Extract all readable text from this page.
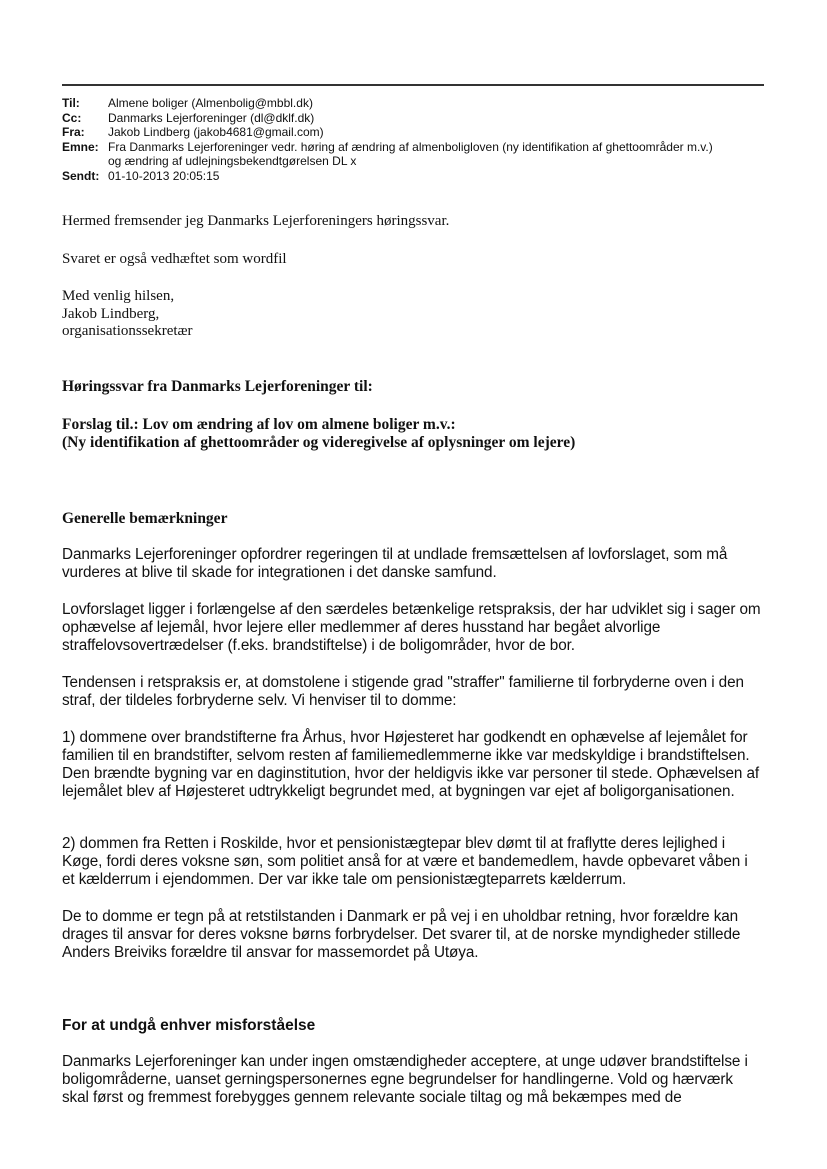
Til:	Almene boliger (Almenbolig@mbbl.dk)
Cc:	Danmarks Lejerforeninger (dl@dklf.dk)
Fra:	Jakob Lindberg (jakob4681@gmail.com)
Emne: Fra Danmarks Lejerforeninger vedr. høring af ændring af almenboligloven (ny identifikation af ghettoområder m.v.)
og ændring af udlejningsbekendtgørelsen DL x
Sendt: 01-10-2013 20:05:15

Hermed fremsender jeg Danmarks Lejerforeningers høringssvar.

Svaret er også vedhæftet som wordfil

Med venlig hilsen,
Jakob Lindberg,
organisationssekretær
Høringssvar fra Danmarks Lejerforeninger til:
Forslag til.: Lov om ændring af lov om almene boliger m.v.:
(Ny identifikation af ghettoområder og videregivelse af oplysninger om lejere)
Generelle bemærkninger

Danmarks Lejerforeninger opfordrer regeringen til at undlade fremsættelsen af lovforslaget, som må vurderes at blive til skade for integrationen i det danske samfund.

Lovforslaget ligger i forlængelse af den særdeles betænkelige retspraksis, der har udviklet sig i sager om ophævelse af lejemål, hvor lejere eller medlemmer af deres husstand har begået alvorlige straffelovsovertrædelser (f.eks. brandstiftelse) i de boligområder, hvor de bor.

Tendensen i retspraksis er, at domstolene i stigende grad "straffer" familierne til forbryderne oven i den straf, der tildeles forbryderne selv. Vi henviser til to domme:

1) dommene over brandstifterne fra Århus, hvor Højesteret har godkendt en ophævelse af lejemålet for familien til en brandstifter, selvom resten af familiemedlemmerne ikke var medskyldige i brandstiftelsen. Den brændte bygning var en daginstitution, hvor der heldigvis ikke var personer til stede. Ophævelsen af lejemålet blev af Højesteret udtrykkeligt begrundet med, at bygningen var ejet af boligorganisationen.

2) dommen fra Retten i Roskilde, hvor et pensionistægtepar blev dømt til at fraflytte deres lejlighed i Køge, fordi deres voksne søn, som politiet anså for at være et bandemedlem, havde opbevaret våben i et kælderrum i ejendommen. Der var ikke tale om pensionistægteparrets kælderrum.

De to domme er tegn på at retstilstanden i Danmark er på vej i en uholdbar retning, hvor forældre kan drages til ansvar for deres voksne børns forbrydelser. Det svarer til, at de norske myndigheder stillede Anders Breiviks forældre til ansvar for massemordet på Utøya.

For at undgå enhver misforståelse

Danmarks Lejerforeninger kan under ingen omstændigheder acceptere, at unge udøver brandstiftelse i boligområderne, uanset gerningspersonernes egne begrundelser for handlingerne. Vold og hærværk skal først og fremmest forebygges gennem relevante sociale tiltag og må bekæmpes med de
